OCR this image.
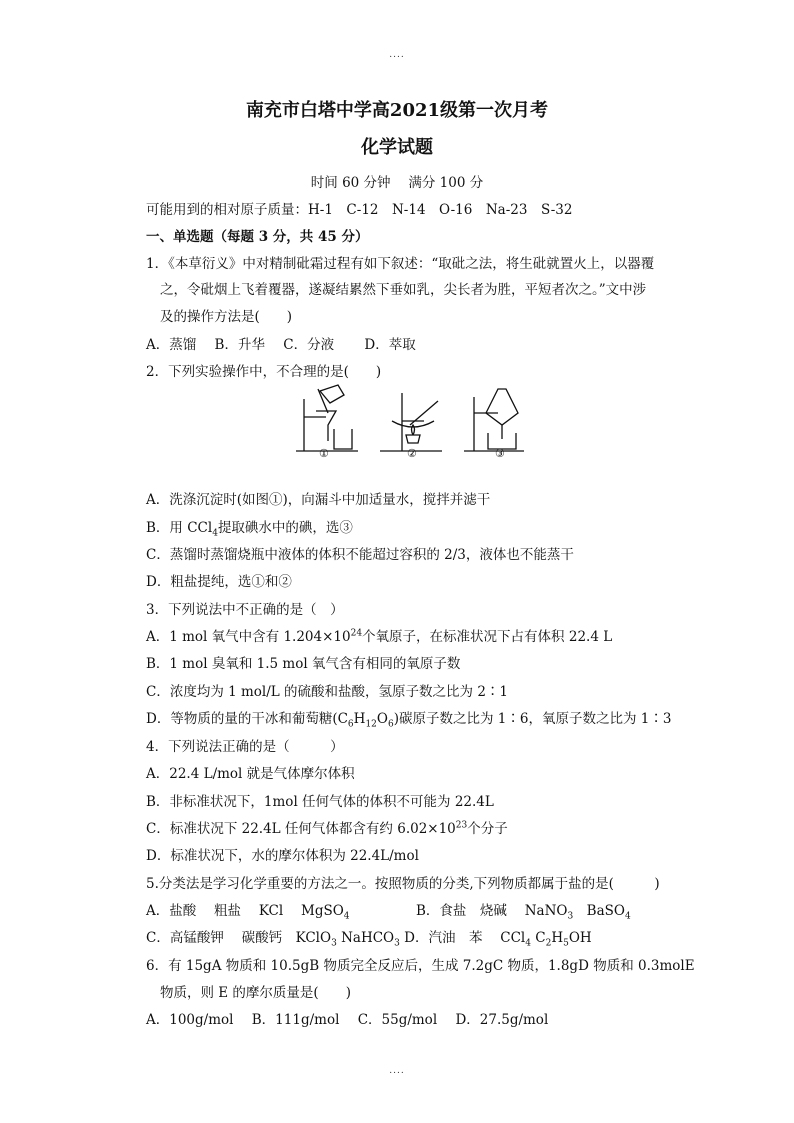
....
南充市白塔中学高2021级第一次月考
化学试题
时间 60 分钟　 满分 100 分
可能用到的相对原子质量：H-1　C-12　N-14　O-16　Na-23　S-32
一、单选题（每题 3 分，共 45 分）
1．《本草衍义》中对精制砒霜过程有如下叙述：“取砒之法，将生砒就置火上，以器覆
之，令砒烟上飞着覆器，遂凝结累然下垂如乳，尖长者为胜，平短者次之。”文中涉
及的操作方法是(　　)
A．蒸馏 B．升华 C．分液 D．萃取
2．下列实验操作中，不合理的是(　　)
①	②	③
A．洗涤沉淀时(如图①)，向漏斗中加适量水，搅拌并滤干
B．用 CCl$_4$提取碘水中的碘，选③
C．蒸馏时蒸馏烧瓶中液体的体积不能超过容积的 2/3，液体也不能蒸干
D．粗盐提纯，选①和②
3．下列说法中不正确的是（　）
A．1 mol 氧气中含有 $1.204\times 10^{24}$个氧原子，在标准状况下占有体积 22.4 L
B．1 mol 臭氧和 1.5 mol 氧气含有相同的氧原子数
C．浓度均为 1 mol/L 的硫酸和盐酸，氢原子数之比为 2∶1
D．等物质的量的干冰和葡萄糖$(C_6H_{12}O_6)$碳原子数之比为 1∶6，氧原子数之比为 1∶3
4．下列说法正确的是（　　　）
A．22.4 L/mol 就是气体摩尔体积
B．非标准状况下，1mol 任何气体的体积不可能为 22.4L
C．标准状况下 22.4L 任何气体都含有约 $6.02\times 10^{23}$个分子
D．标准状况下，水的摩尔体积为 22.4L/mol
5.分类法是学习化学重要的方法之一。按照物质的分类,下列物质都属于盐的是(　　　)
A．盐酸　 粗盐　 KCl　 MgSO$_4$	B．食盐　烧碱　 NaNO$_3$　BaSO$_4$
C．高锰酸钾　 碳酸钙　KClO$_3$ NaHCO$_3$ D．汽油　苯　 CCl$_4$ $C_2H_5OH$
6．有 15gA 物质和 10.5gB 物质完全反应后，生成 7.2gC 物质，1.8gD 物质和 0.3molE
物质，则 E 的摩尔质量是(　　)
A．100g/mol B．111g/mol C．55g/mol D．27.5g/mol
....
